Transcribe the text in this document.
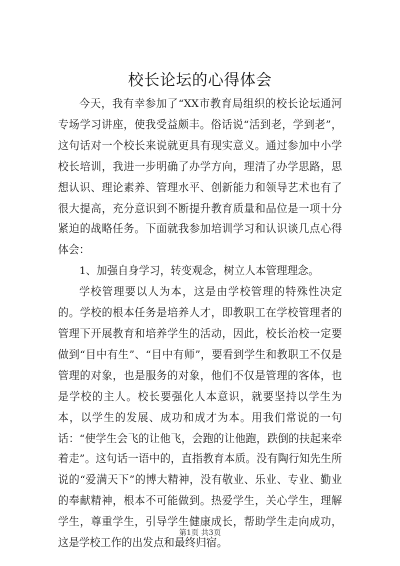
校长论坛的心得体会

今天，我有幸参加了“XX市教育局组织的校长论坛通河专场学习讲座，使我受益颇丰。俗话说“活到老，学到老”，这句话对一个校长来说就更具有现实意义。通过参加中小学校长培训，我进一步明确了办学方向，理清了办学思路，思想认识、理论素养、管理水平、创新能力和领导艺术也有了很大提高，充分意识到不断提升教育质量和品位是一项十分紧迫的战略任务。下面就我参加培训学习和认识谈几点心得体会：

1、加强自身学习，转变观念，树立人本管理理念。

学校管理要以人为本，这是由学校管理的特殊性决定的。学校的根本任务是培养人才，即教职工在学校管理者的管理下开展教育和培养学生的活动，因此，校长治校一定要做到“目中有生”、“目中有师”，要看到学生和教职工不仅是管理的对象，也是服务的对象，他们不仅是管理的客体，也是学校的主人。校长要强化人本意识，就要坚持以学生为本，以学生的发展、成功和成才为本。用我们常说的一句话：“使学生会飞的让他飞，会跑的让他跑，跌倒的扶起来牵着走”。这句话一语中的，直指教育本质。没有陶行知先生所说的“爱满天下”的博大精神，没有敬业、乐业、专业、勤业的奉献精神，根本不可能做到。热爱学生，关心学生，理解学生，尊重学生，引导学生健康成长，帮助学生走向成功，这是学校工作的出发点和最终归宿。

第1页 共3页
